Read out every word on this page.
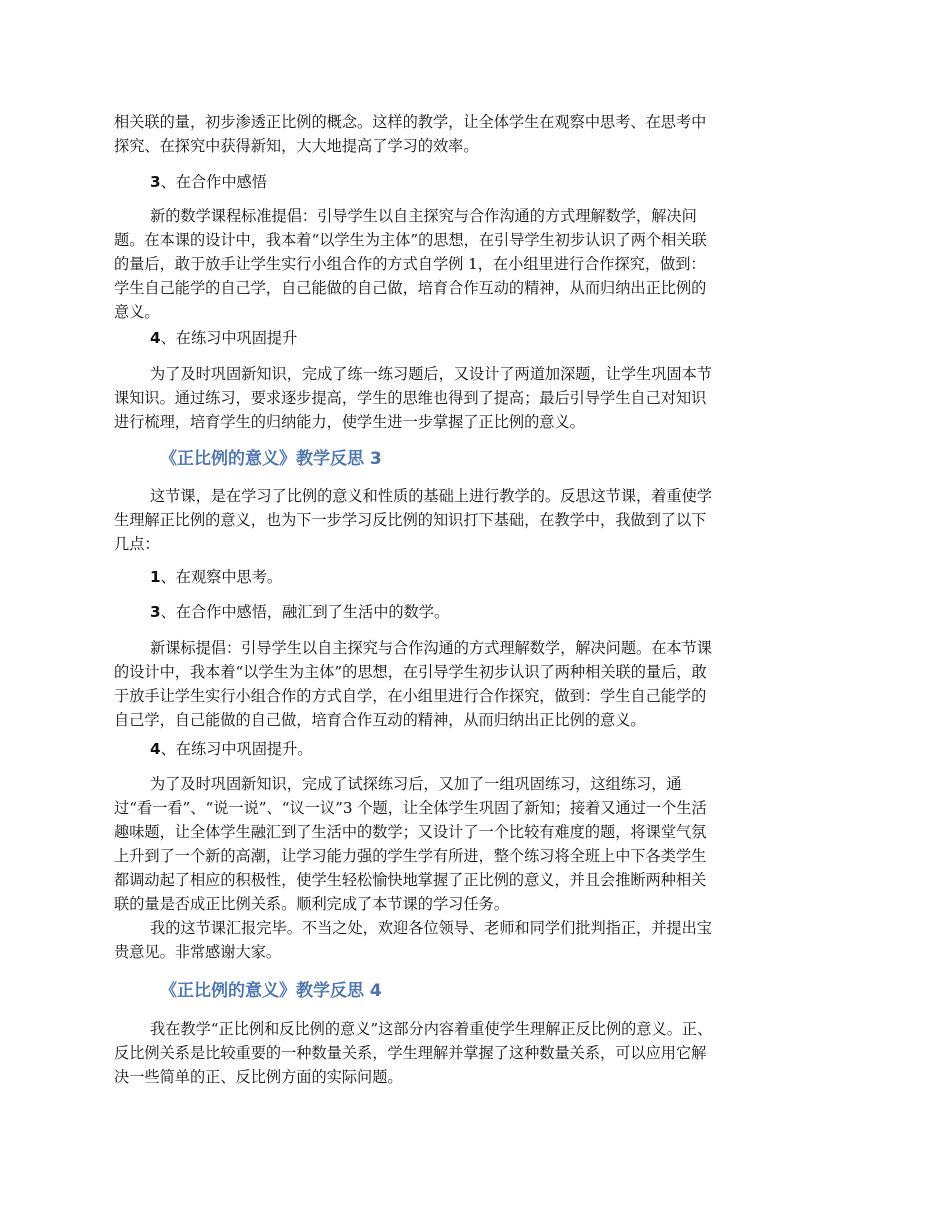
相关联的量，初步渗透正比例的概念。这样的教学，让全体学生在观察中思考、在思考中
探究、在探究中获得新知，大大地提高了学习的效率。
3、在合作中感悟
新的数学课程标准提倡：引导学生以自主探究与合作沟通的方式理解数学，解决问
题。在本课的设计中，我本着“以学生为主体”的思想，在引导学生初步认识了两个相关联
的量后，敢于放手让学生实行小组合作的方式自学例 1，在小组里进行合作探究，做到：
学生自己能学的自己学，自己能做的自己做，培育合作互动的精神，从而归纳出正比例的
意义。
4、在练习中巩固提升
为了及时巩固新知识，完成了练一练习题后，又设计了两道加深题，让学生巩固本节
课知识。通过练习，要求逐步提高，学生的思维也得到了提高；最后引导学生自己对知识
进行梳理，培育学生的归纳能力，使学生进一步掌握了正比例的意义。
《正比例的意义》教学反思 3
这节课，是在学习了比例的意义和性质的基础上进行教学的。反思这节课，着重使学
生理解正比例的意义，也为下一步学习反比例的知识打下基础，在教学中，我做到了以下
几点：
1、在观察中思考。
3、在合作中感悟，融汇到了生活中的数学。
新课标提倡：引导学生以自主探究与合作沟通的方式理解数学，解决问题。在本节课
的设计中，我本着“以学生为主体”的思想，在引导学生初步认识了两种相关联的量后，敢
于放手让学生实行小组合作的方式自学，在小组里进行合作探究，做到：学生自己能学的
自己学，自己能做的自己做，培育合作互动的精神，从而归纳出正比例的意义。
4、在练习中巩固提升。
为了及时巩固新知识，完成了试探练习后，又加了一组巩固练习，这组练习，通
过“看一看”、“说一说”、“议一议”3 个题，让全体学生巩固了新知；接着又通过一个生活
趣味题，让全体学生融汇到了生活中的数学；又设计了一个比较有难度的题，将课堂气氛
上升到了一个新的高潮，让学习能力强的学生学有所进，整个练习将全班上中下各类学生
都调动起了相应的积极性，使学生轻松愉快地掌握了正比例的意义，并且会推断两种相关
联的量是否成正比例关系。顺利完成了本节课的学习任务。
我的这节课汇报完毕。不当之处，欢迎各位领导、老师和同学们批判指正，并提出宝
贵意见。非常感谢大家。
《正比例的意义》教学反思 4
我在教学“正比例和反比例的意义”这部分内容着重使学生理解正反比例的意义。正、
反比例关系是比较重要的一种数量关系，学生理解并掌握了这种数量关系，可以应用它解
决一些简单的正、反比例方面的实际问题。
